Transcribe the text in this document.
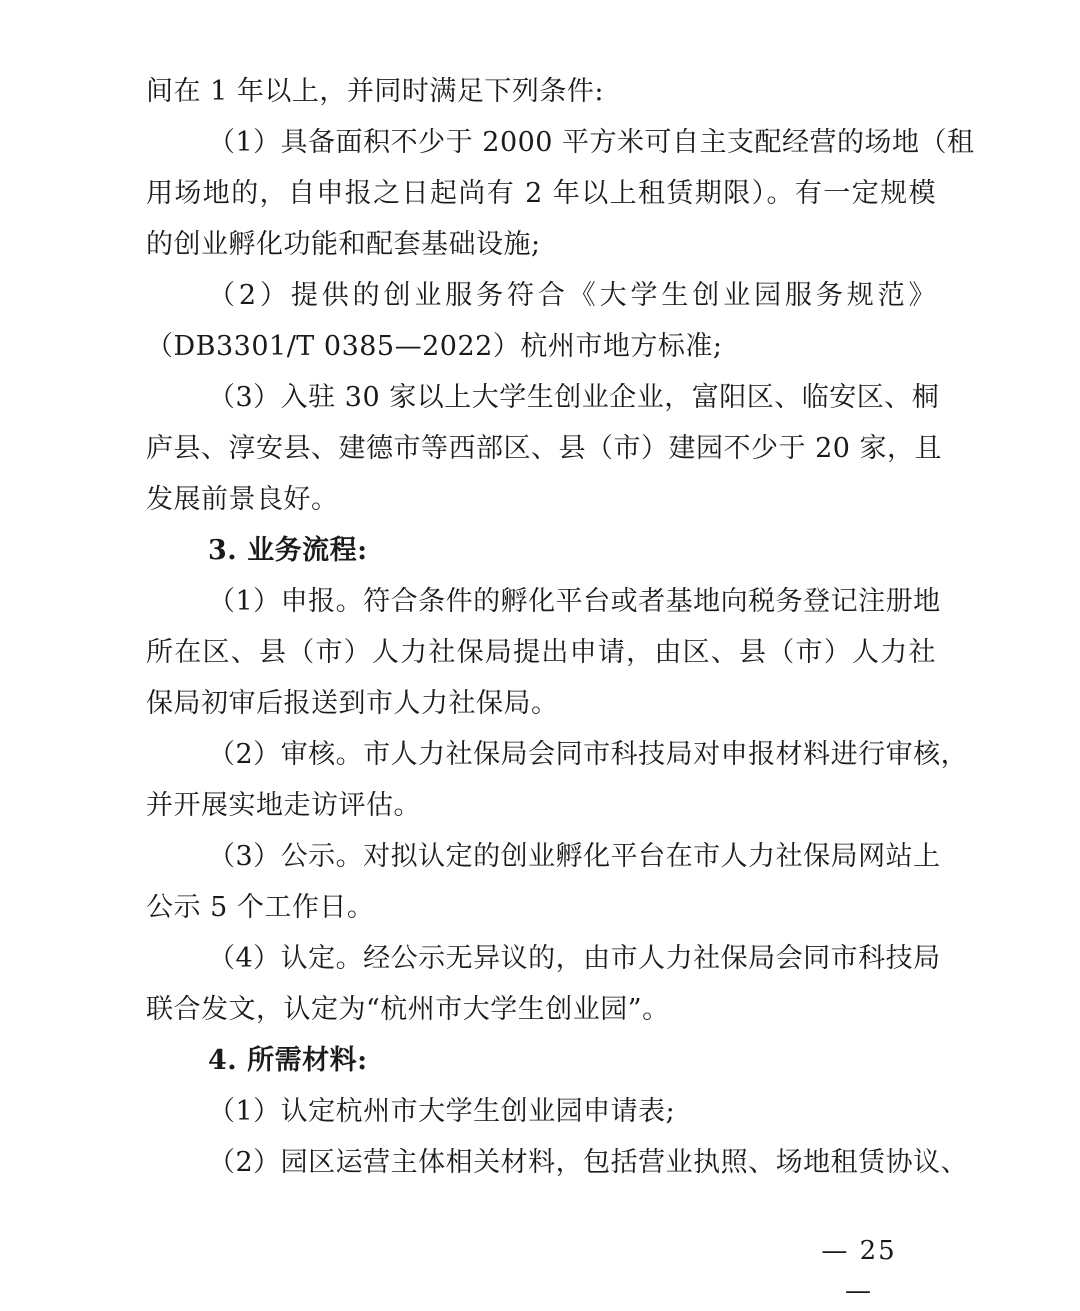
间在 1 年以上，并同时满足下列条件:
（1）具备面积不少于 2000 平方米可自主支配经营的场地（租
用场地的，自申报之日起尚有 2 年以上租赁期限）。有一定规模
的创业孵化功能和配套基础设施;
（2）提供的创业服务符合《大学生创业园服务规范》
（DB3301/T 0385—2022）杭州市地方标准;
（3）入驻 30 家以上大学生创业企业，富阳区、临安区、桐
庐县、淳安县、建德市等西部区、县（市）建园不少于 20 家，且
发展前景良好。
3. 业务流程:
（1）申报。符合条件的孵化平台或者基地向税务登记注册地
所在区、县（市）人力社保局提出申请，由区、县（市）人力社
保局初审后报送到市人力社保局。
（2）审核。市人力社保局会同市科技局对申报材料进行审核，
并开展实地走访评估。
（3）公示。对拟认定的创业孵化平台在市人力社保局网站上
公示 5 个工作日。
（4）认定。经公示无异议的，由市人力社保局会同市科技局
联合发文，认定为“杭州市大学生创业园”。
4. 所需材料:
（1）认定杭州市大学生创业园申请表;
（2）园区运营主体相关材料，包括营业执照、场地租赁协议、
— 25 —
